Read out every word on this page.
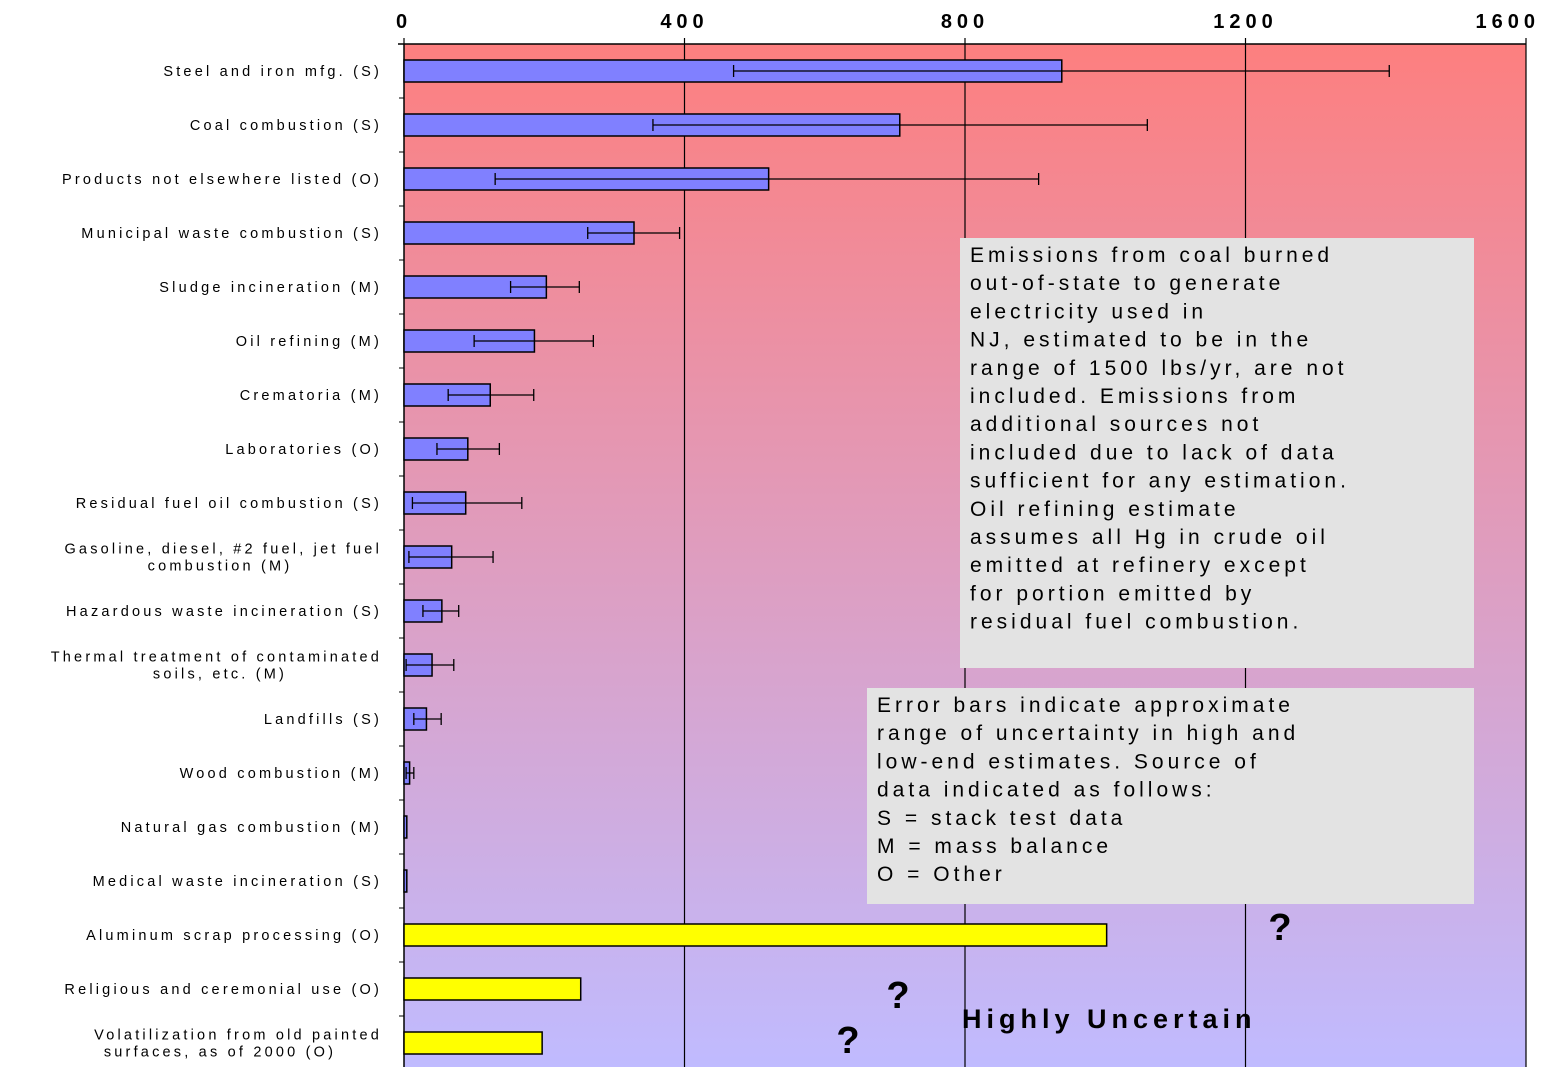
0	400	800	1200	1600
Steel and iron mfg. (S)
Coal combustion (S)
Products not elsewhere listed (O)
Municipal waste combustion (S)
Sludge incineration (M)
Oil refining (M)
Crematoria (M)
Laboratories (O)
Residual fuel oil combustion (S)
Gasoline, diesel, #2 fuel, jet fuel combustion (M)
Hazardous waste incineration (S)
Thermal treatment of contaminated soils, etc. (M)
Landfills (S)
Wood combustion (M)
Natural gas combustion (M)
Medical waste incineration (S)
Aluminum scrap processing (O)
Religious and ceremonial use (O)
Volatilization from old painted surfaces, as of 2000 (O)
Emissions from coal burned
out-of-state to generate
electricity used in
NJ, estimated to be in the
range of 1500 lbs/yr, are not
included. Emissions from
additional sources not
included due to lack of data
sufficient for any estimation.
Oil refining estimate
assumes all Hg in crude oil
emitted at refinery except
for portion emitted by
residual fuel combustion.
Error bars indicate approximate
range of uncertainty in high and
low-end estimates. Source of
data indicated as follows:
S = stack test data
M = mass balance
O = Other
?
?
?
Highly Uncertain
